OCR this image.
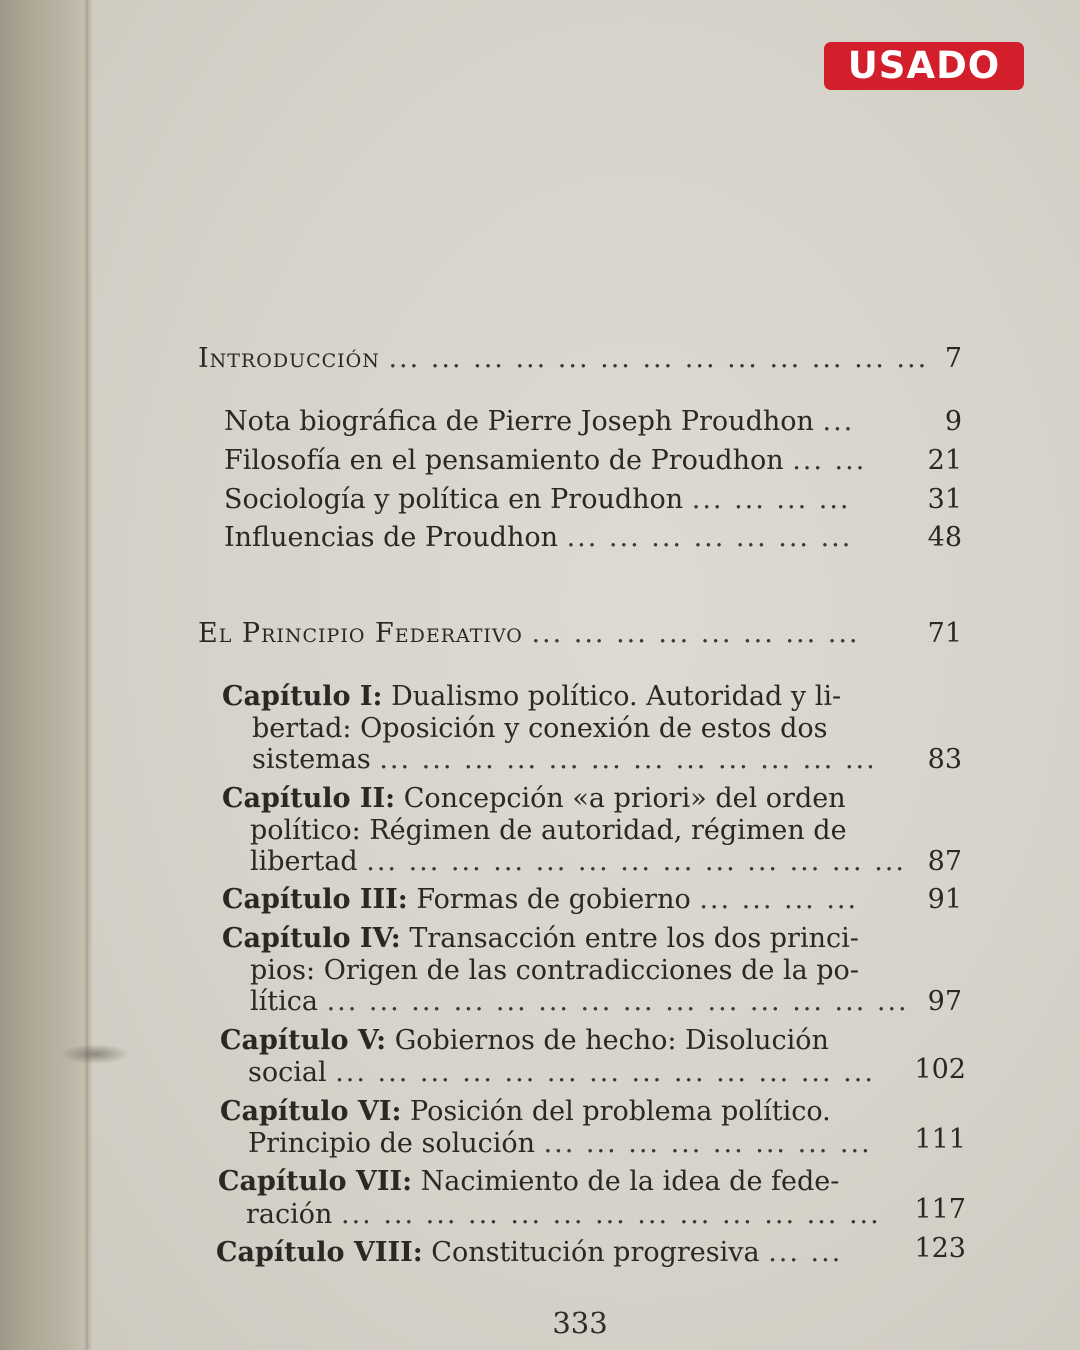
USADO
Introducción ... ... ... ... ... ... ... ... ... ... ... ... ... 7
Nota biográfica de Pierre Joseph Proudhon ...	9
Filosofía en el pensamiento de Proudhon ... ...	21
Sociología y política en Proudhon ... ... ... ...	31
Influencias de Proudhon ... ... ... ... ... ... ...	48
El Principio Federativo ... ... ... ... ... ... ... ...	71
Capítulo I: Dualismo político. Autoridad y li-
bertad: Oposición y conexión de estos dos
sistemas ... ... ... ... ... ... ... ... ... ... ... ...	83
Capítulo II: Concepción «a priori» del orden
político: Régimen de autoridad, régimen de
libertad ... ... ... ... ... ... ... ... ... ... ... ... ... 87
Capítulo III: Formas de gobierno ... ... ... ...	91
Capítulo IV: Transacción entre los dos princi-
pios: Origen de las contradicciones de la po-
lítica ... ... ... ... ... ... ... ... ... ... ... ... ... ... 97
Capítulo V: Gobiernos de hecho: Disolución
social ... ... ... ... ... ... ... ... ... ... ... ... ...	102
Capítulo VI: Posición del problema político.
Principio de solución ... ... ... ... ... ... ... ...	111
Capítulo VII: Nacimiento de la idea de fede-
ración ... ... ... ... ... ... ... ... ... ... ... ... ...	117
Capítulo VIII: Constitución progresiva ... ...	123
333
